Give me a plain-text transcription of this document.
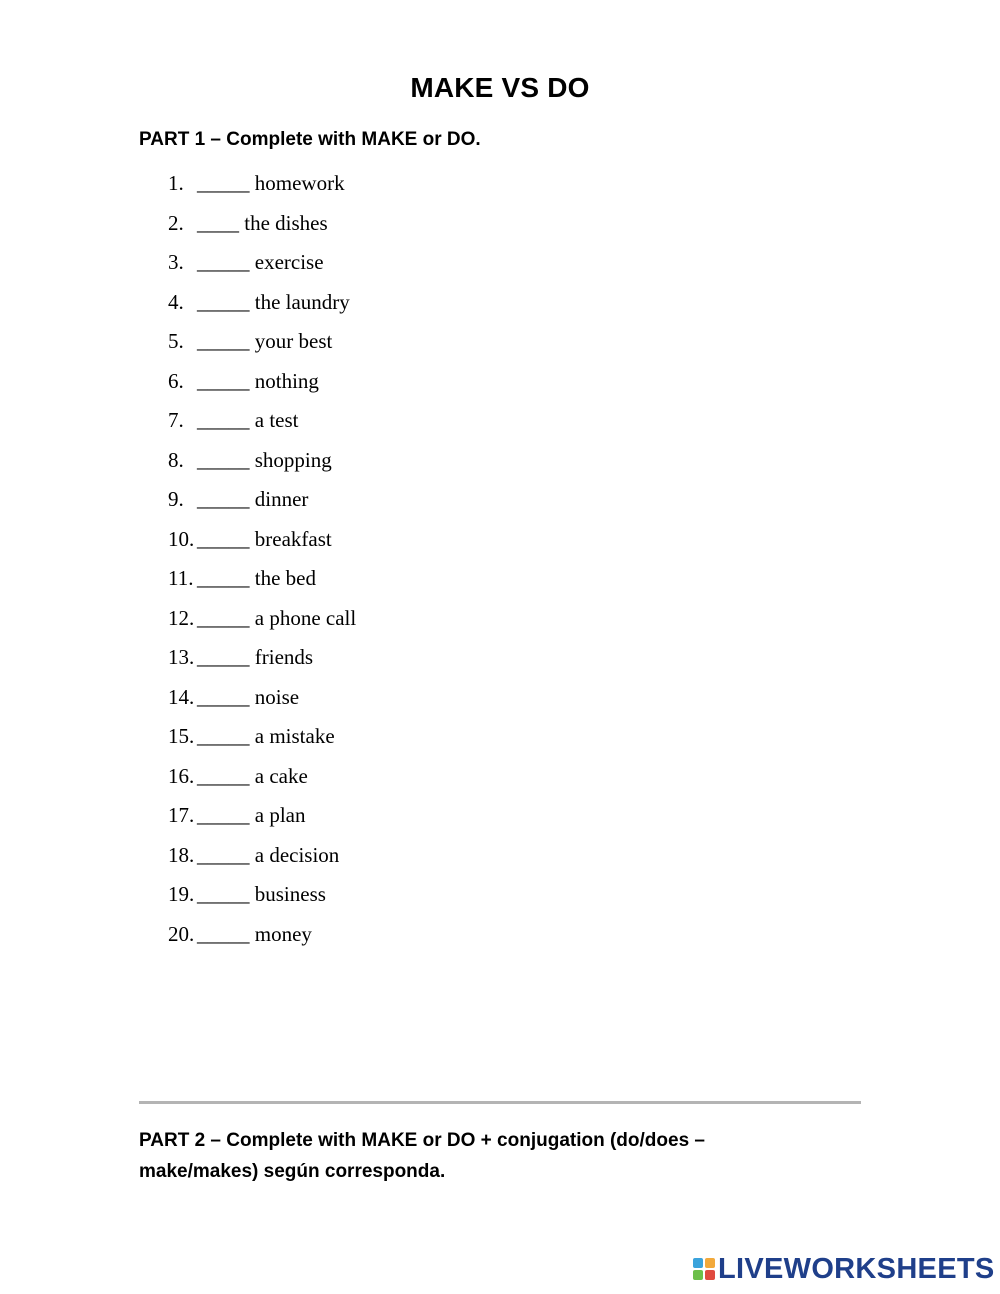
MAKE VS DO
PART 1 – Complete with MAKE or DO.
1. _____ homework
2. ____ the dishes
3. _____ exercise
4. _____ the laundry
5. _____ your best
6. _____ nothing
7. _____ a test
8. _____ shopping
9. _____ dinner
10. _____ breakfast
11. _____ the bed
12. _____ a phone call
13. _____ friends
14. _____ noise
15. _____ a mistake
16. _____ a cake
17. _____ a plan
18. _____ a decision
19. _____ business
20. _____ money
PART 2 – Complete with MAKE or DO + conjugation (do/does –
make/makes) según corresponda.
LIVEWORKSHEETS
